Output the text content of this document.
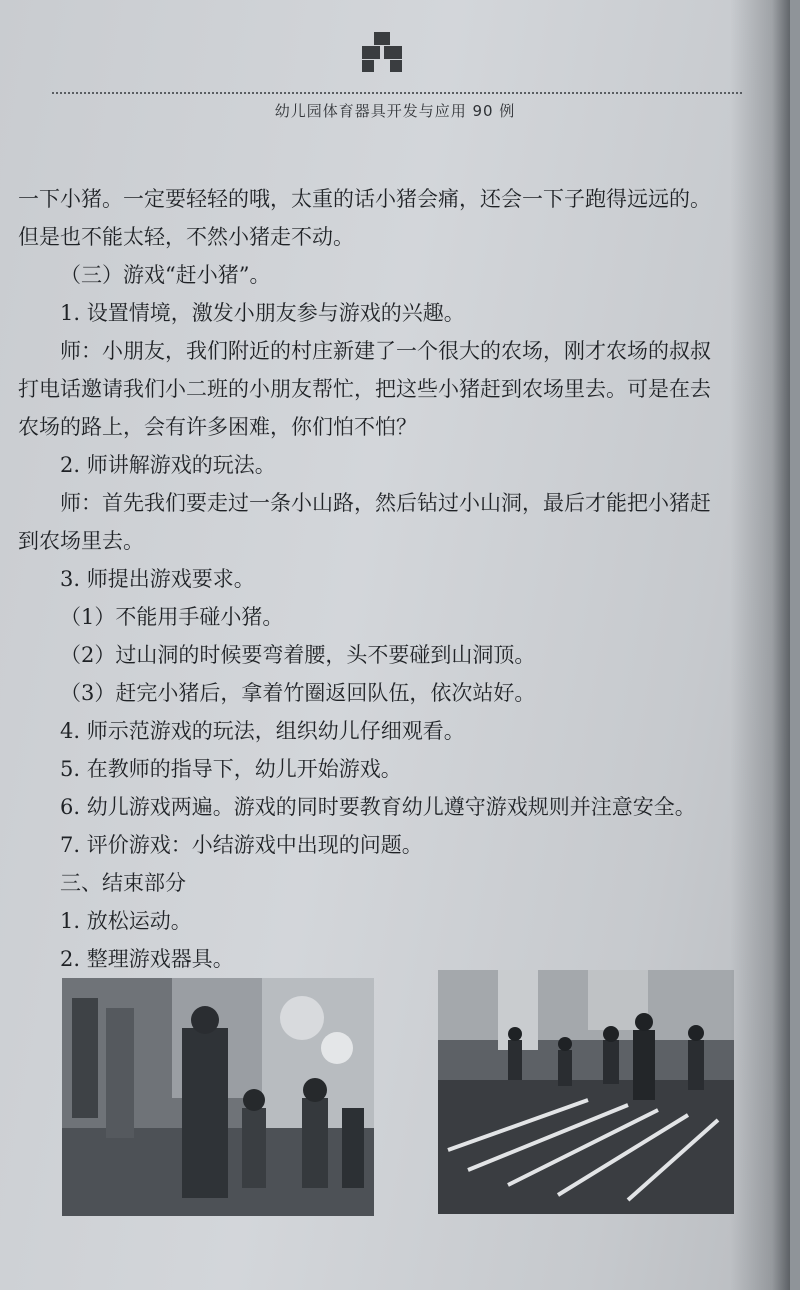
幼儿园体育器具开发与应用 90 例
一下小猪。一定要轻轻的哦，太重的话小猪会痛，还会一下子跑得远远的。
但是也不能太轻，不然小猪走不动。
（三）游戏“赶小猪”。
1. 设置情境，激发小朋友参与游戏的兴趣。
师：小朋友，我们附近的村庄新建了一个很大的农场，刚才农场的叔叔
打电话邀请我们小二班的小朋友帮忙，把这些小猪赶到农场里去。可是在去
农场的路上，会有许多困难，你们怕不怕？
2. 师讲解游戏的玩法。
师：首先我们要走过一条小山路，然后钻过小山洞，最后才能把小猪赶
到农场里去。
3. 师提出游戏要求。
（1）不能用手碰小猪。
（2）过山洞的时候要弯着腰，头不要碰到山洞顶。
（3）赶完小猪后，拿着竹圈返回队伍，依次站好。
4. 师示范游戏的玩法，组织幼儿仔细观看。
5. 在教师的指导下，幼儿开始游戏。
6. 幼儿游戏两遍。游戏的同时要教育幼儿遵守游戏规则并注意安全。
7. 评价游戏：小结游戏中出现的问题。
三、结束部分
1. 放松运动。
2. 整理游戏器具。
